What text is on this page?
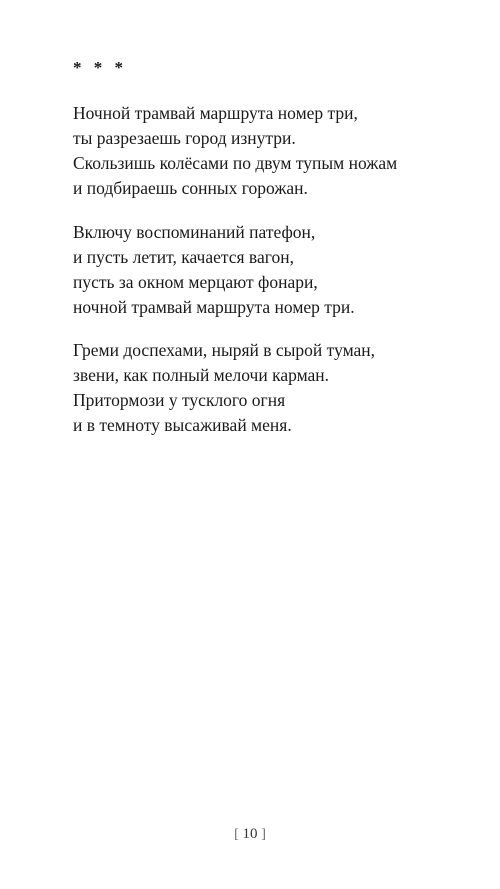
* * *
Ночной трамвай маршрута номер три,
ты разрезаешь город изнутри.
Скользишь колёсами по двум тупым ножам
и подбираешь сонных горожан.
Включу воспоминаний патефон,
и пусть летит, качается вагон,
пусть за окном мерцают фонари,
ночной трамвай маршрута номер три.
Греми доспехами, ныряй в сырой туман,
звени, как полный мелочи карман.
Притормози у тусклого огня
и в темноту высаживай меня.
[ 10 ]
